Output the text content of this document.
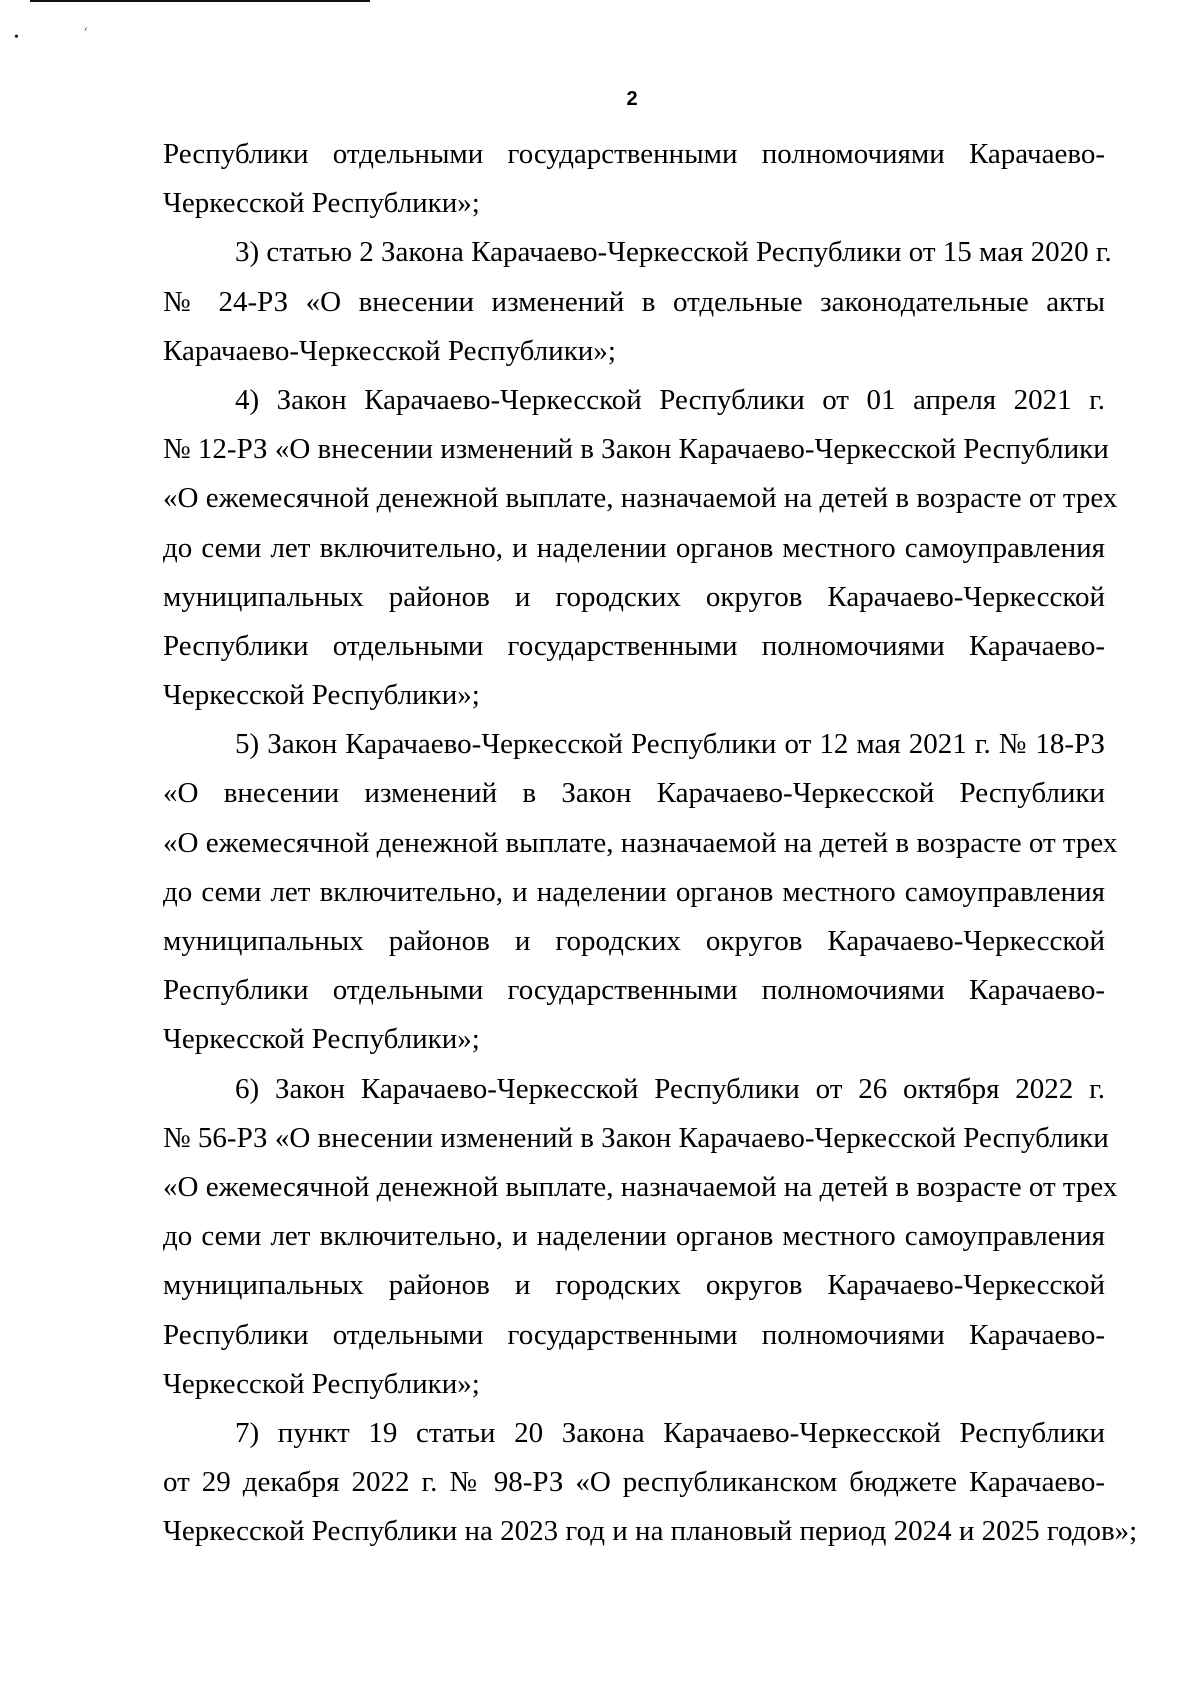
•	׳
2
Республики отдельными государственными полномочиями Карачаево-
Черкесской Республики»;
3) статью 2 Закона Карачаево-Черкесской Республики от 15 мая 2020 г.
№ 24-РЗ «О внесении изменений в отдельные законодательные акты
Карачаево-Черкесской Республики»;
4) Закон Карачаево-Черкесской Республики от 01 апреля 2021 г.
№ 12-РЗ «О внесении изменений в Закон Карачаево-Черкесской Республики
«О ежемесячной денежной выплате, назначаемой на детей в возрасте от трех
до семи лет включительно, и наделении органов местного самоуправления
муниципальных районов и городских округов Карачаево-Черкесской
Республики отдельными государственными полномочиями Карачаево-
Черкесской Республики»;
5) Закон Карачаево-Черкесской Республики от 12 мая 2021 г. № 18-РЗ
«О внесении изменений в Закон Карачаево-Черкесской Республики
«О ежемесячной денежной выплате, назначаемой на детей в возрасте от трех
до семи лет включительно, и наделении органов местного самоуправления
муниципальных районов и городских округов Карачаево-Черкесской
Республики отдельными государственными полномочиями Карачаево-
Черкесской Республики»;
6) Закон Карачаево-Черкесской Республики от 26 октября 2022 г.
№ 56-РЗ «О внесении изменений в Закон Карачаево-Черкесской Республики
«О ежемесячной денежной выплате, назначаемой на детей в возрасте от трех
до семи лет включительно, и наделении органов местного самоуправления
муниципальных районов и городских округов Карачаево-Черкесской
Республики отдельными государственными полномочиями Карачаево-
Черкесской Республики»;
7) пункт 19 статьи 20 Закона Карачаево-Черкесской Республики
от 29 декабря 2022 г. № 98-РЗ «О республиканском бюджете Карачаево-
Черкесской Республики на 2023 год и на плановый период 2024 и 2025 годов»;
